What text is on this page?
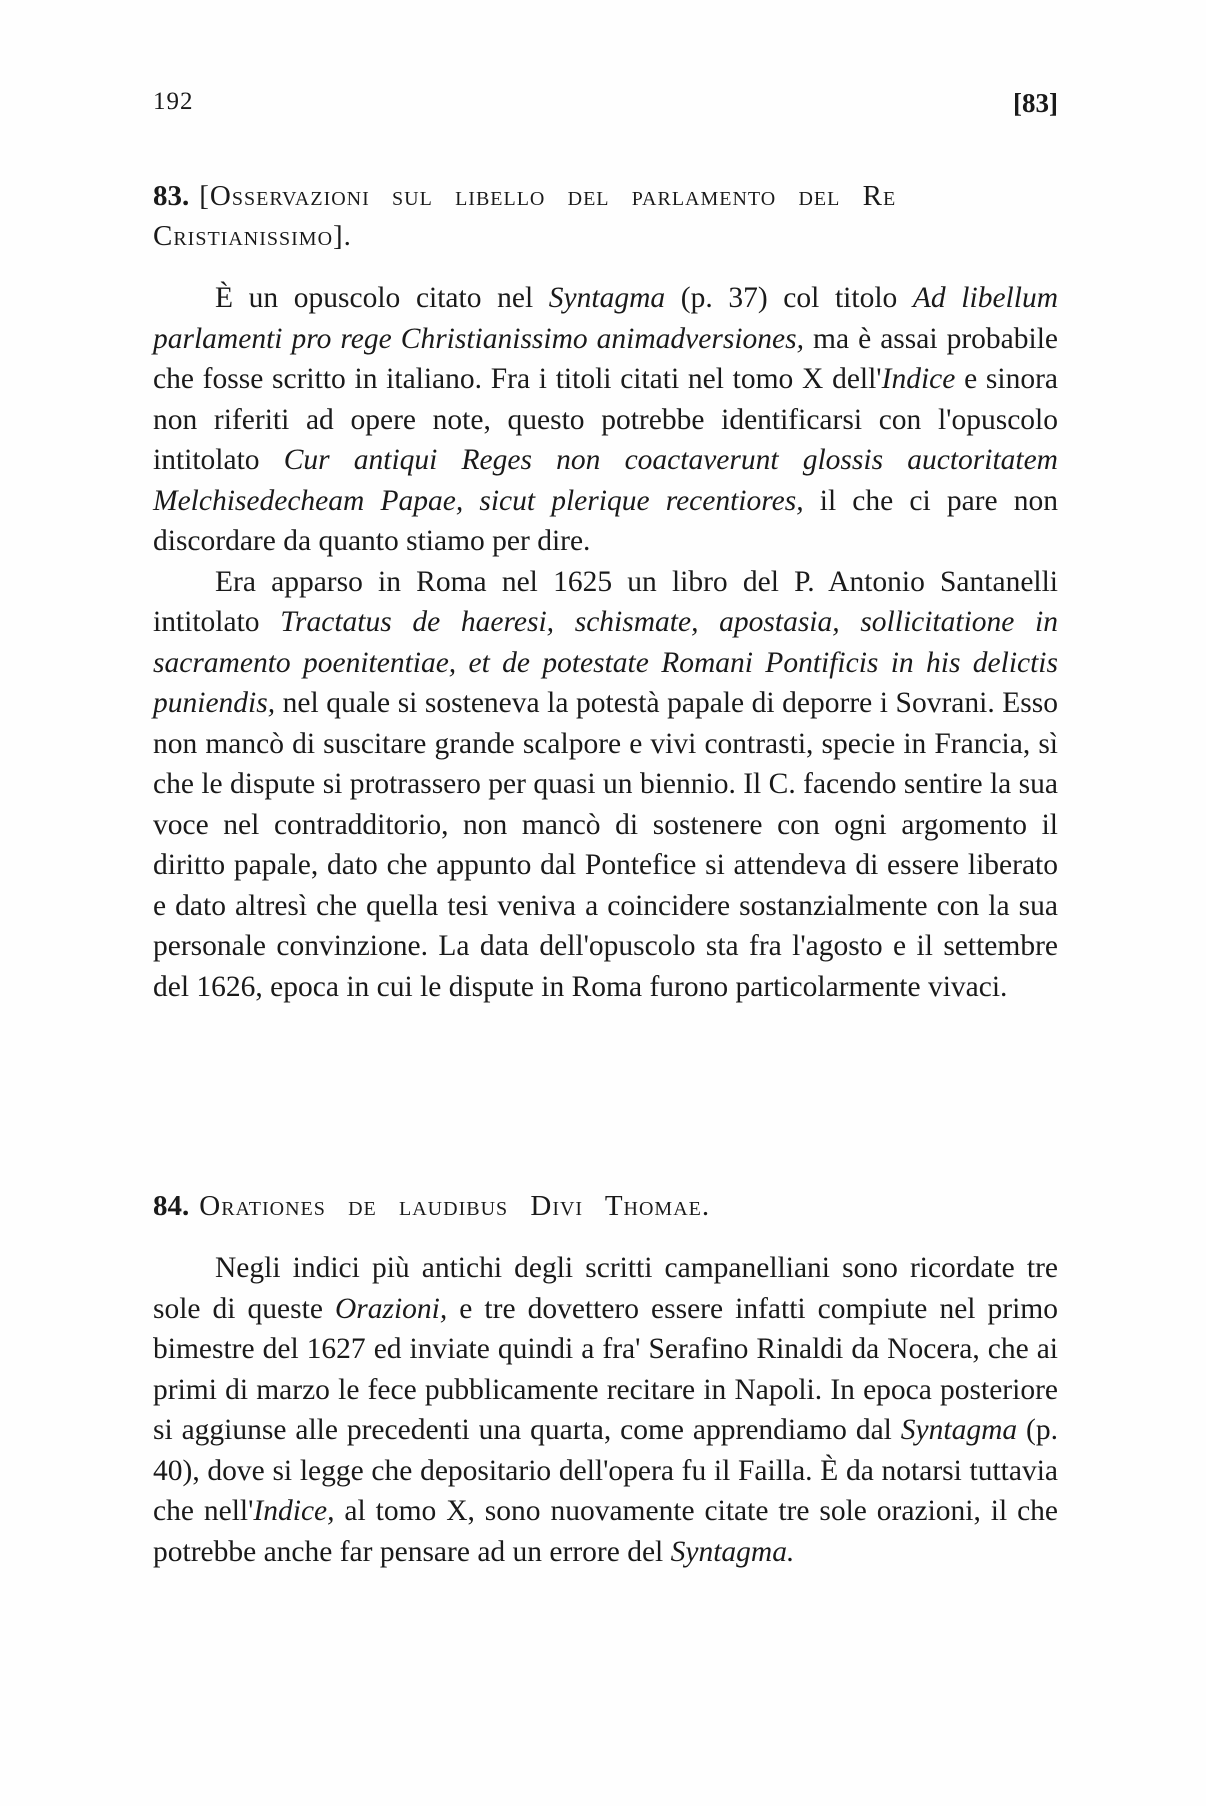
192	[83]
83. [Osservazioni sul libello del parlamento del Re Cristianissimo].

È un opuscolo citato nel Syntagma (p. 37) col titolo Ad libellum parlamenti pro rege Christianissimo animadversiones, ma è assai probabile che fosse scritto in italiano. Fra i titoli citati nel tomo X dell'Indice e sinora non riferiti ad opere note, questo potrebbe identificarsi con l'opuscolo intitolato Cur antiqui Reges non coactaverunt glossis auctoritatem Melchisedecheam Papae, sicut plerique recentiores, il che ci pare non discordare da quanto stiamo per dire.

Era apparso in Roma nel 1625 un libro del P. Antonio Santanelli intitolato Tractatus de haeresi, schismate, apostasia, sollicitatione in sacramento poenitentiae, et de potestate Romani Pontificis in his delictis puniendis, nel quale si sosteneva la potestà papale di deporre i Sovrani. Esso non mancò di suscitare grande scalpore e vivi contrasti, specie in Francia, sì che le dispute si protrassero per quasi un biennio. Il C. facendo sentire la sua voce nel contradditorio, non mancò di sostenere con ogni argomento il diritto papale, dato che appunto dal Pontefice si attendeva di essere liberato e dato altresì che quella tesi veniva a coincidere sostanzialmente con la sua personale convinzione. La data dell'opuscolo sta fra l'agosto e il settembre del 1626, epoca in cui le dispute in Roma furono particolarmente vivaci.

84. Orationes de laudibus Divi Thomae.

Negli indici più antichi degli scritti campanelliani sono ricordate tre sole di queste Orazioni, e tre dovettero essere infatti compiute nel primo bimestre del 1627 ed inviate quindi a fra' Serafino Rinaldi da Nocera, che ai primi di marzo le fece pubblicamente recitare in Napoli. In epoca posteriore si aggiunse alle precedenti una quarta, come apprendiamo dal Syntagma (p. 40), dove si legge che depositario dell'opera fu il Failla. È da notarsi tuttavia che nell'Indice, al tomo X, sono nuovamente citate tre sole orazioni, il che potrebbe anche far pensare ad un errore del Syntagma.
